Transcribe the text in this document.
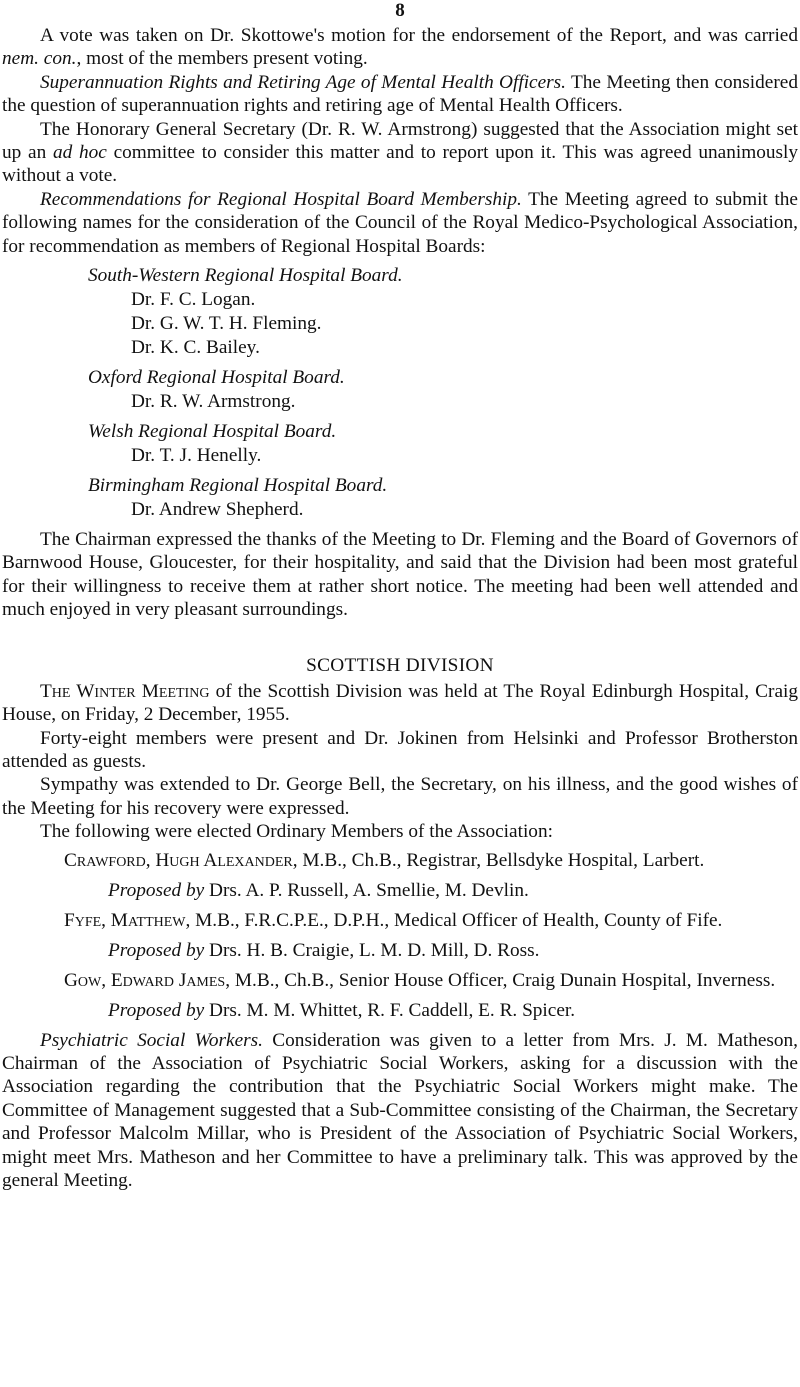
8

A vote was taken on Dr. Skottowe's motion for the endorsement of the Report, and was carried nem. con., most of the members present voting.

Superannuation Rights and Retiring Age of Mental Health Officers. The Meeting then considered the question of superannuation rights and retiring age of Mental Health Officers.

The Honorary General Secretary (Dr. R. W. Armstrong) suggested that the Association might set up an ad hoc committee to consider this matter and to report upon it. This was agreed unanimously without a vote.

Recommendations for Regional Hospital Board Membership. The Meeting agreed to submit the following names for the consideration of the Council of the Royal Medico-Psychological Association, for recommendation as members of Regional Hospital Boards:

South-Western Regional Hospital Board.
Dr. F. C. Logan.
Dr. G. W. T. H. Fleming.
Dr. K. C. Bailey.
Oxford Regional Hospital Board.
Dr. R. W. Armstrong.
Welsh Regional Hospital Board.
Dr. T. J. Henelly.
Birmingham Regional Hospital Board.
Dr. Andrew Shepherd.

The Chairman expressed the thanks of the Meeting to Dr. Fleming and the Board of Governors of Barnwood House, Gloucester, for their hospitality, and said that the Division had been most grateful for their willingness to receive them at rather short notice. The meeting had been well attended and much enjoyed in very pleasant surroundings.

SCOTTISH DIVISION

The Winter Meeting of the Scottish Division was held at The Royal Edinburgh Hospital, Craig House, on Friday, 2 December, 1955.

Forty-eight members were present and Dr. Jokinen from Helsinki and Professor Brotherston attended as guests.

Sympathy was extended to Dr. George Bell, the Secretary, on his illness, and the good wishes of the Meeting for his recovery were expressed.

The following were elected Ordinary Members of the Association:

Crawford, Hugh Alexander, M.B., Ch.B., Registrar, Bellsdyke Hospital, Larbert.
Proposed by Drs. A. P. Russell, A. Smellie, M. Devlin.
Fyfe, Matthew, M.B., F.R.C.P.E., D.P.H., Medical Officer of Health, County of Fife.
Proposed by Drs. H. B. Craigie, L. M. D. Mill, D. Ross.
Gow, Edward James, M.B., Ch.B., Senior House Officer, Craig Dunain Hospital, Inverness.
Proposed by Drs. M. M. Whittet, R. F. Caddell, E. R. Spicer.

Psychiatric Social Workers. Consideration was given to a letter from Mrs. J. M. Matheson, Chairman of the Association of Psychiatric Social Workers, asking for a discussion with the Association regarding the contribution that the Psychiatric Social Workers might make. The Committee of Management suggested that a Sub-Committee consisting of the Chairman, the Secretary and Professor Malcolm Millar, who is President of the Association of Psychiatric Social Workers, might meet Mrs. Matheson and her Committee to have a preliminary talk. This was approved by the general Meeting.
